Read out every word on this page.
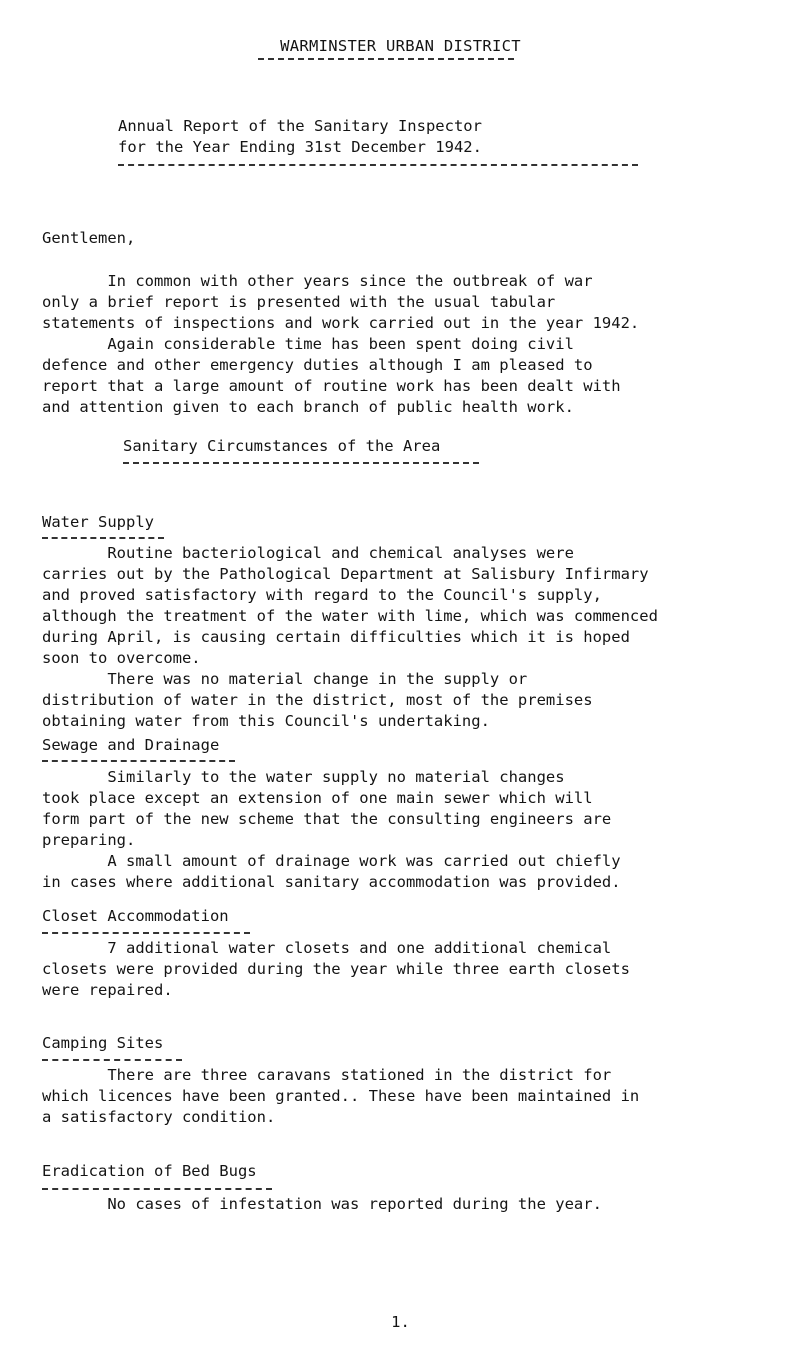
WARMINSTER URBAN DISTRICT
Annual Report of the Sanitary Inspector
for the Year Ending 31st December 1942.
Gentlemen,
In common with other years since the outbreak of war
only a brief report is presented with the usual tabular
statements of inspections and work carried out in the year 1942.
Again considerable time has been spent doing civil
defence and other emergency duties although I am pleased to
report that a large amount of routine work has been dealt with
and attention given to each branch of public health work.
Sanitary Circumstances of the Area
Water Supply
Routine bacteriological and chemical analyses were
carries out by the Pathological Department at Salisbury Infirmary
and proved satisfactory with regard to the Council's supply,
although the treatment of the water with lime, which was commenced
during April, is causing certain difficulties which it is hoped
soon to overcome.
There was no material change in the supply or
distribution of water in the district, most of the premises
obtaining water from this Council's undertaking.
Sewage and Drainage
Similarly to the water supply no material changes
took place except an extension of one main sewer which will
form part of the new scheme that the consulting engineers are
preparing.
A small amount of drainage work was carried out chiefly
in cases where additional sanitary accommodation was provided.
Closet Accommodation
7 additional water closets and one additional chemical
closets were provided during the year while three earth closets
were repaired.
Camping Sites
There are three caravans stationed in the district for
which licences have been granted.. These have been maintained in
a satisfactory condition.
Eradication of Bed Bugs
No cases of infestation was reported during the year.
1.
